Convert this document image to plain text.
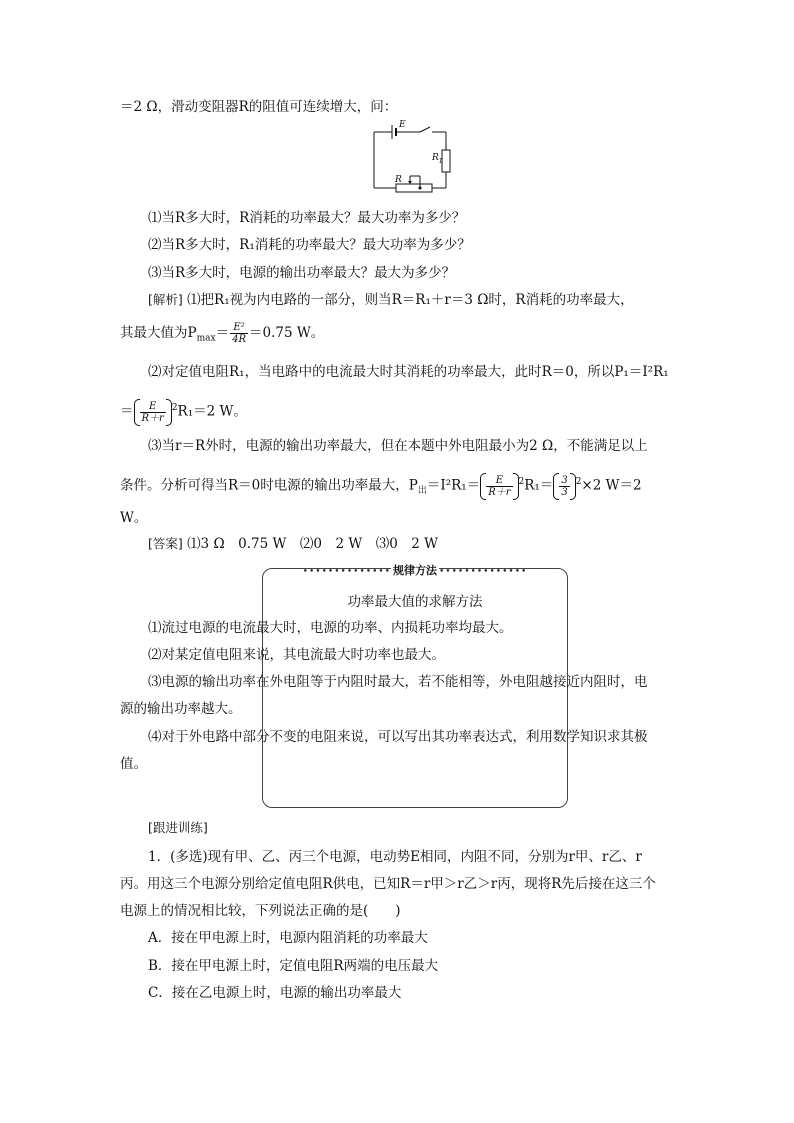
＝2 Ω，滑动变阻器R的阻值可连续增大，问：
E
$R_1$
R
⑴当R多大时，R消耗的功率最大？最大功率为多少？
⑵当R多大时，R₁消耗的功率最大？最大功率为多少？
⑶当R多大时，电源的输出功率最大？最大为多少？
[解析] ⑴把R₁视为内电路的一部分，则当R＝R₁＋r＝3 Ω时，R消耗的功率最大，
其最大值为$P_{max}= \frac{\text{E²}}{4R} =0.75$ W。
⑵对定值电阻R₁，当电路中的电流最大时其消耗的功率最大，此时R＝0，所以P₁＝I²R₁
＝ $\frac{E}{R+r} ^2R_1=2$ W。
⑶当r＝R外时，电源的输出功率最大，但在本题中外电阻最小为2 Ω，不能满足以上
条件。分析可得当R＝0时电源的输出功率最大，$P_出=I^2R_1= \frac{E}{R+r} ^2R_1= \frac{3}{3} ^2\times 2$ W＝2
W。
[答案] ⑴3 Ω　0.75 W　⑵0　2 W　⑶0　2 W
•••••••••••••• 规律方法 ••••••••••••••
功率最大值的求解方法
⑴流过电源的电流最大时，电源的功率、内损耗功率均最大。
⑵对某定值电阻来说，其电流最大时功率也最大。
⑶电源的输出功率在外电阻等于内阻时最大，若不能相等，外电阻越接近内阻时，电
源的输出功率越大。
⑷对于外电路中部分不变的电阻来说，可以写出其功率表达式，利用数学知识求其极
值。
[跟进训练]
1．(多选)现有甲、乙、丙三个电源，电动势E相同，内阻不同，分别为r甲、r乙、r
丙。用这三个电源分别给定值电阻R供电，已知R＝r甲＞r乙＞r丙，现将R先后接在这三个
电源上的情况相比较，下列说法正确的是(　　)
A．接在甲电源上时，电源内阻消耗的功率最大
B．接在甲电源上时，定值电阻R两端的电压最大
C．接在乙电源上时，电源的输出功率最大
